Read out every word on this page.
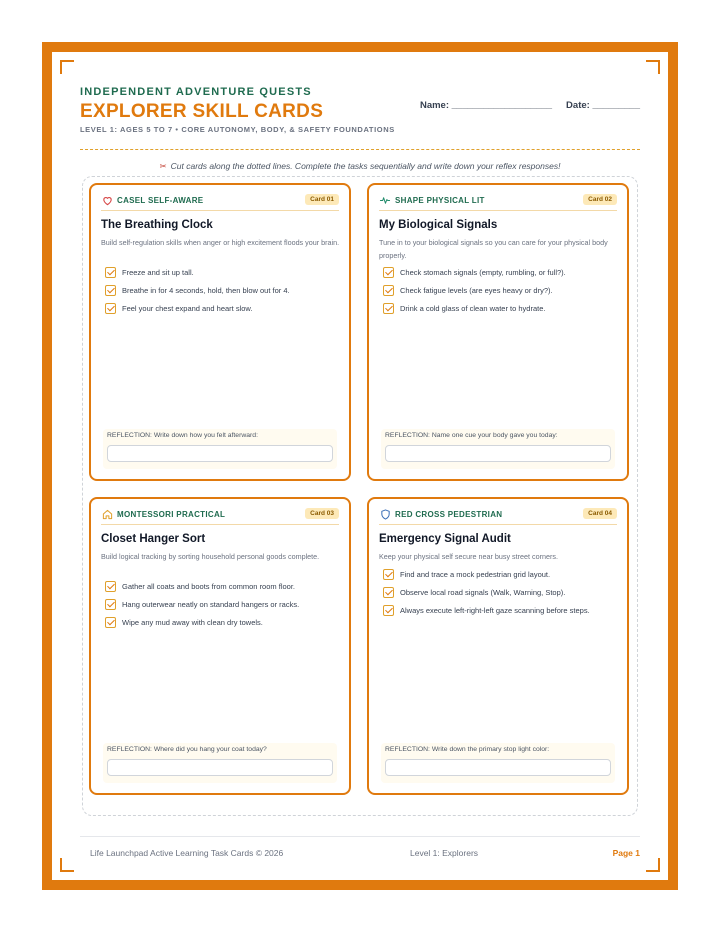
INDEPENDENT ADVENTURE QUESTS
EXPLORER SKILL CARDS
LEVEL 1: AGES 5 TO 7 • CORE AUTONOMY, BODY, & SAFETY FOUNDATIONS
Name: ___________________ Date: _________
✂ Cut cards along the dotted lines. Complete the tasks sequentially and write down your reflex responses!
CASEL SELF-AWARE	Card 01
The Breathing Clock
Build self-regulation skills when anger or high excitement floods your brain.
Freeze and sit up tall.
Breathe in for 4 seconds, hold, then blow out for 4.
Feel your chest expand and heart slow.
REFLECTION: Write down how you felt afterward:
SHAPE PHYSICAL LIT	Card 02
My Biological Signals
Tune in to your biological signals so you can care for your physical body properly.
Check stomach signals (empty, rumbling, or full?).
Check fatigue levels (are eyes heavy or dry?).
Drink a cold glass of clean water to hydrate.
REFLECTION: Name one cue your body gave you today:
MONTESSORI PRACTICAL	Card 03
Closet Hanger Sort
Build logical tracking by sorting household personal goods complete.
Gather all coats and boots from common room floor.
Hang outerwear neatly on standard hangers or racks.
Wipe any mud away with clean dry towels.
REFLECTION: Where did you hang your coat today?
RED CROSS PEDESTRIAN	Card 04
Emergency Signal Audit
Keep your physical self secure near busy street corners.
Find and trace a mock pedestrian grid layout.
Observe local road signals (Walk, Warning, Stop).
Always execute left-right-left gaze scanning before steps.
REFLECTION: Write down the primary stop light color:
Life Launchpad Active Learning Task Cards © 2026	Level 1: Explorers	Page 1
